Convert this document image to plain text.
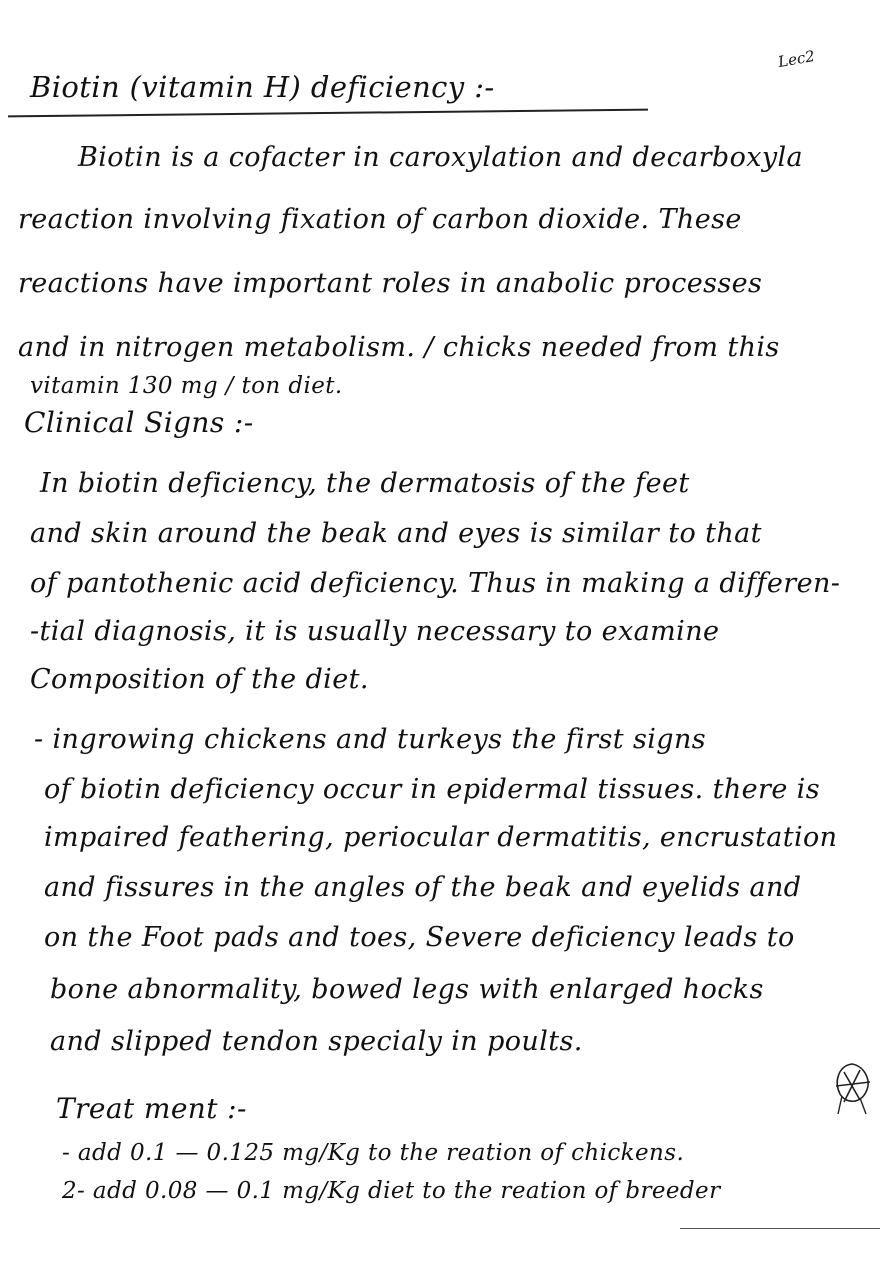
Lec2
Biotin (vitamin H) deficiency :-
Biotin is a cofacter in caroxylation and decarboxyla
reaction involving fixation of carbon dioxide. These
reactions have important roles in anabolic processes
and in nitrogen metabolism. / chicks needed from this
vitamin 130 mg / ton diet.
Clinical Signs :-
In biotin deficiency, the dermatosis of the feet
and skin around the beak and eyes is similar to that
of pantothenic acid deficiency. Thus in making a differen-
-tial diagnosis, it is usually necessary to examine
Composition of the diet.
- ingrowing chickens and turkeys the first signs
of biotin deficiency occur in epidermal tissues. there is
impaired feathering, periocular dermatitis, encrustation
and fissures in the angles of the beak and eyelids and
on the Foot pads and toes, Severe deficiency leads to
bone abnormality, bowed legs with enlarged hocks
and slipped tendon specialy in poults.
Treat ment :-
- add 0.1 — 0.125 mg/Kg to the reation of chickens.
2- add 0.08 — 0.1 mg/Kg diet to the reation of breeder
